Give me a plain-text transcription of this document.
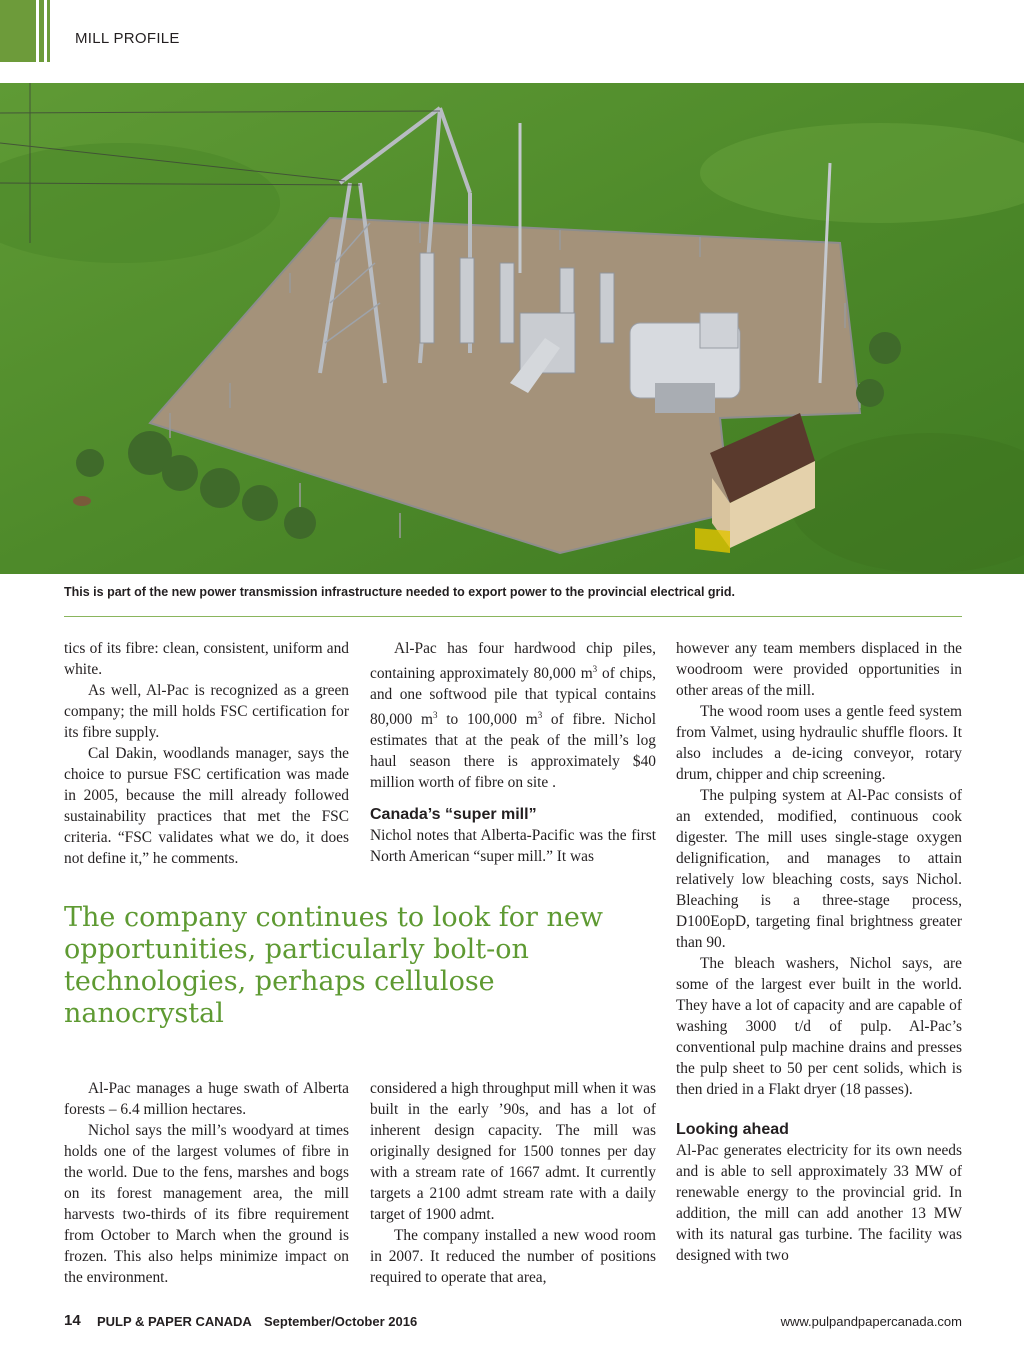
MILL PROFILE
This is part of the new power transmission infrastructure needed to export power to the provincial electrical grid.

tics of its fibre: clean, consistent, uniform and white.

As well, Al-Pac is recognized as a green company; the mill holds FSC certification for its fibre supply.

Cal Dakin, woodlands manager, says the choice to pursue FSC certification was made in 2005, because the mill already followed sustainability practices that met the FSC criteria. “FSC validates what we do, it does not define it,” he comments.

Al-Pac has four hardwood chip piles, containing approximately 80,000 $m^3$ of chips, and one softwood pile that typical contains 80,000 $m^3$ to 100,000 $m^3$ of fibre. Nichol estimates that at the peak of the mill’s log haul season there is approximately $40 million worth of fibre on site .

Canada’s “super mill”

Nichol notes that Alberta-Pacific was the first North American “super mill.” It was

The company continues to look for new opportunities, particularly bolt-on technologies, perhaps cellulose nanocrystal

Al-Pac manages a huge swath of Alberta forests – 6.4 million hectares.

Nichol says the mill’s woodyard at times holds one of the largest volumes of fibre in the world. Due to the fens, marshes and bogs on its forest management area, the mill harvests two-thirds of its fibre requirement from October to March when the ground is frozen. This also helps minimize impact on the environment.

considered a high throughput mill when it was built in the early ’90s, and has a lot of inherent design capacity. The mill was originally designed for 1500 tonnes per day with a stream rate of 1667 admt. It currently targets a 2100 admt stream rate with a daily target of 1900 admt.

The company installed a new wood room in 2007. It reduced the number of positions required to operate that area,

however any team members displaced in the woodroom were provided opportunities in other areas of the mill.

The wood room uses a gentle feed system from Valmet, using hydraulic shuffle floors. It also includes a de-icing conveyor, rotary drum, chipper and chip screening.

The pulping system at Al-Pac consists of an extended, modified, continuous cook digester. The mill uses single-stage oxygen delignification, and manages to attain relatively low bleaching costs, says Nichol. Bleaching is a three-stage process, D100EopD, targeting final brightness greater than 90.

The bleach washers, Nichol says, are some of the largest ever built in the world. They have a lot of capacity and are capable of washing 3000 t/d of pulp. Al-Pac’s conventional pulp machine drains and presses the pulp sheet to 50 per cent solids, which is then dried in a Flakt dryer (18 passes).

Looking ahead

Al-Pac generates electricity for its own needs and is able to sell approximately 33 MW of renewable energy to the provincial grid. In addition, the mill can add another 13 MW with its natural gas turbine. The facility was designed with two

14 PULP & PAPER CANADA September/October 2016	www.pulpandpapercanada.com
